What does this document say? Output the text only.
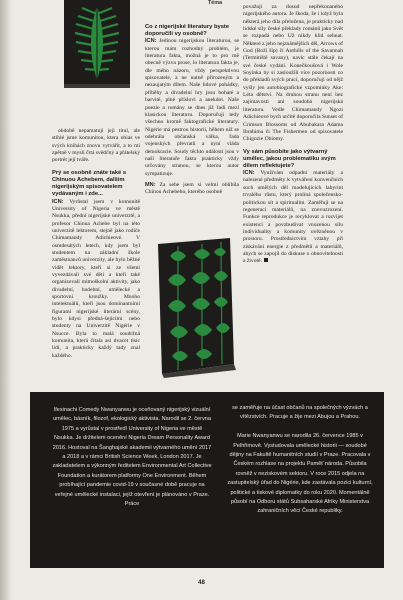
Téma

obdobě nepamatuji jeji titul, ale stíhlé jsme komunitou, ktera obias ve svých knihách znovu vytvářit, a to mi zpětně v mysli črtá svědčný a přátelský portrét její tváře.

Prý se osobně znáte také s Chinuou Achebem, dalším nigerijským spisovatelem vydávaným i zde...

ICN: Vyrůstal jsem v komunitě University of Nigeria ve městě Nsukka, přední nigerijské univerzitě, a profesor Chinua Achebe byl na této univerzitě lektorem, stejně jako rodiče Chimamandy Adichieové. V osmdesátých letech, kdy jsem byl studentem na základní škole zaměstnanců univerzity, ale bylo běžné vidět lektory, kteří si ze všemi vyvezdávali své děti a kteří také organizovali mimoškolní aktivity, jako divadelní, hudební, umělecké a sportovní kroužky. Mnoho intelektuálů, kteří jsou dominantními figurami nigerijské literární scény, bylo kdysi předná-šejícími nebo studenty na Univerzitě Nigérie v Nsucce. Byla to malá soudržná komunita, která čítala asi dvacet tisíc lidí, a prakticky každý tady znal každého.

Co z nigerijské literatury byste doporučili vy osobně?

ICN: Jedinou nigerijskou literaturou, se kterou mám rozhodný problém, je literatura fakta, možná je to pro mě obecně výzva prose, lo literatura fakta je, dle mého názoru, vždy perspektivou spisovatele, a ne nutně přirozeným a nezaujatým dílem. Naše lidové pohádky, příběhy a divadelní hry jsou bohaté a barvité, plné příslovi a anekdot. Naše poezie a romány se dnes již řadí mezi klasickou literaturu. Doporučuji tedy všechno kromě faktografické literatury. Nigérie má pestrou historii, během níž se odehrála občanská válka, řada vojenských převratů a nyní vláda demokracie. Soudy těchto událostí jsou v naší literatuře fakta prakticky vždy určovány stranou, se kterou autor sympatizuje.

MN: Za sebe jsem si velmi oblíbila Chinou Achebeho, kterého osobně

považuji za dosud nepřekonaného nigerijského autora. Je škoda, že i když byla některá jeho díla přeložena, je prakticky nad lidské síly české překlady románů jako Svět se rozpadá nebo Už nikdy klid sehnat. Některé z jeho nejznámějších děl, Arrows of God (Boží šíp) či Anthills of the Savannah (Termitiště savany), navíc stále čekají na své české vydání. Konečkoušová i Wole Soyinka by si zasloužili více pozornosti co do překladů svých prací, doporučuji od nějž vyšly jen autobiografické vzpomínky Ake: Léta dětství. Na druhou stranu není bez zajímavosti ani soudobá nigerijská literatura. Vedle Chimamandy Ngozi Adichieové bych určitě doporučila Sunset of Crimson Blossoms od Abubakara Adama Ibrahima či The Fishermen od spisovatele Chigozie Obiomy.

Vy sám působíte jako výtvarný umělec, jakou problematiku svým dílem reflektujete?

ICN: Využívám odpadní materiály a nalezené předměty k vytváření konvenčních soch umělých děl modelujících labyrint trvalého růstu, který prolíná společensko-politickou sít a spiritualitu. Zaměřuji se na regeneraci materiálů, na znovuzrození. Funkce reprodukce je recyklovat a rozvíjet existenci a povzbudivat vnozenou silu individuality a komunity uvězněnou v prostoru. Prostřednictvím vztahy při získávání energie z předmětů a materiálů, abych se zapojil do diskuse o obnovitelnosti a životě.

Ifesinachi Comedy Nwanyanwu je oceňovaný nigerijský vizuální umělec, básník, filozof, ekologický aktivista. Narodil se 2. června 1975 a vyrůstal v prostředí University of Nigeria ve městě Nsukka. Je držitelem ocenění Nigeria Dream Personality Award 2016. Hostoval na Šanghajské akademii výtvarného umění 2017 a 2018 a v rámci British Science Week, London 2017. Je zakladatelem a výkonným ředitelem Environmental Art Collective Foundation a kurátorem platformy One Environment. Během probíhající pandemie covid-19 v současné době pracuje na veřejné umělecké instalaci, jejíž otevření je plánováno v Praze. Práce
se zaměřuje na účast občanů na společných výzvách a vítězstvích. Pracuje a žije mezi Abujou a Prahou.

Marie Nwanyanwu se narodila 26. července 1985 v Pelhřimově. Vystudovala umělecké historii — soudobé dějiny na Fakultě humanitních studií v Praze. Pracovala v Českém rozhlase na projektu Paměť národa. Působila rovněž v neziskovém sektoru. V roce 2015 odjela na zastupitelský úřad do Nigérie, kde zastávala pozici kulturní, politické a tiskové diplomatky do roku 2020. Momentálně působí na Odboru států Subsaharské Afriky Ministerstva zahraničních věcí České republiky.
48
